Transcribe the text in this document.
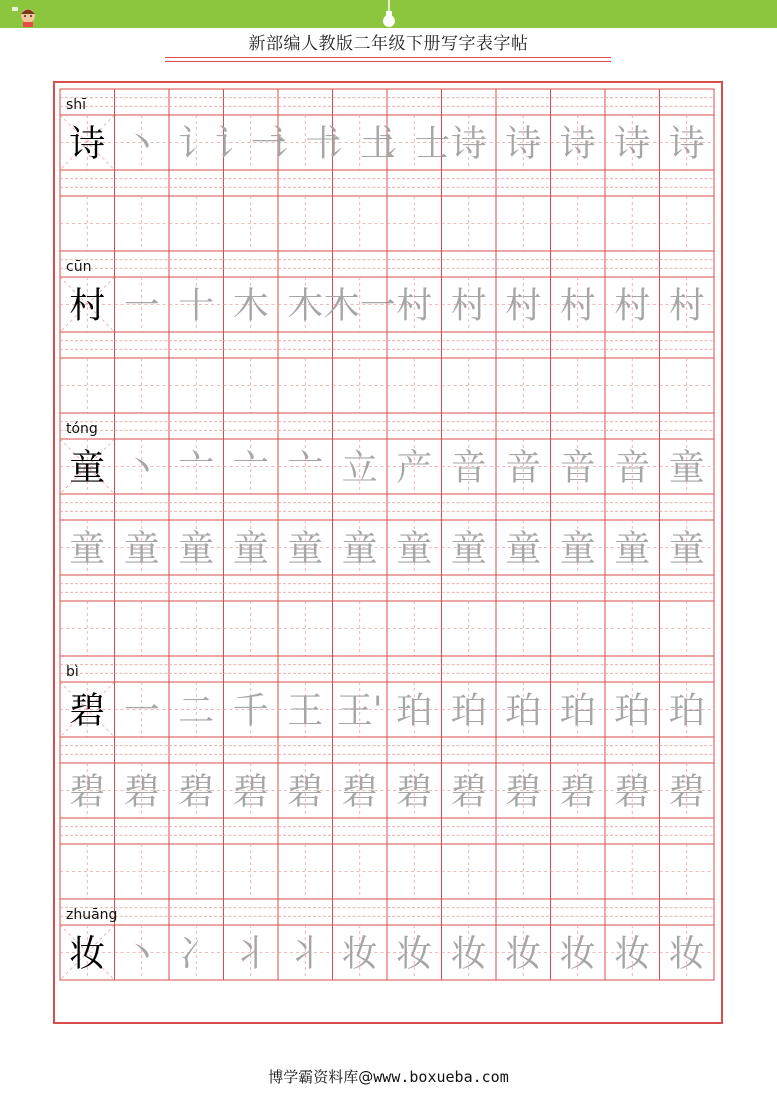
新部编人教版二年级下册写字表字帖
shī
诗 丶 讠 讠一
讠十
讠土
讠士 诗 诗 诗 诗 诗
cūn
村 一 十 木 木 木一 村 村 村 村 村 村
tóng
童 丶 亠 亠 亠 立 产 音 音 音 音 童
童 童 童 童 童 童 童 童 童 童 童 童
bì
碧 一 二 千 王 王' 珀 珀 珀 珀 珀 珀
碧 碧 碧 碧 碧 碧 碧 碧 碧 碧 碧 碧
zhuāng
妆 丶 冫 丬 丬 妆 妆 妆 妆 妆 妆 妆
博学霸资料库@www.boxueba.com
